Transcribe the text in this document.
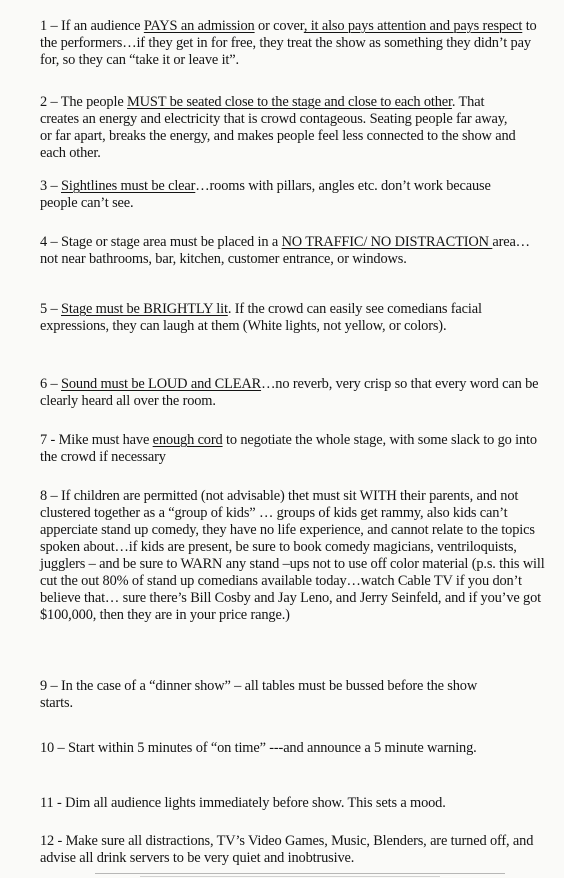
1 – If an audience PAYS an admission or cover, it also pays attention and pays respect to the performers…if they get in for free, they treat the show as something they didn’t pay for, so they can “take it or leave it”.

2 – The people MUST be seated close to the stage and close to each other. That creates an energy and electricity that is crowd contageous. Seating people far away, or far apart, breaks the energy, and makes people feel less connected to the show and each other.

3 – Sightlines must be clear…rooms with pillars, angles etc. don’t work because people can’t see.

4 – Stage or stage area must be placed in a NO TRAFFIC/ NO DISTRACTION area…not near bathrooms, bar, kitchen, customer entrance, or windows.

5 – Stage must be BRIGHTLY lit. If the crowd can easily see comedians facial expressions, they can laugh at them (White lights, not yellow, or colors).

6 – Sound must be LOUD and CLEAR…no reverb, very crisp so that every word can be clearly heard all over the room.

7 - Mike must have enough cord to negotiate the whole stage, with some slack to go into the crowd if necessary

8 – If children are permitted (not advisable) thet must sit WITH their parents, and not clustered together as a “group of kids” … groups of kids get rammy, also kids can’t apperciate stand up comedy, they have no life experience, and cannot relate to the topics spoken about…if kids are present, be sure to book comedy magicians, ventriloquists, jugglers – and be sure to WARN any stand –ups not to use off color material (p.s. this will cut the out 80% of stand up comedians available today…watch Cable TV if you don’t believe that… sure there’s Bill Cosby and Jay Leno, and Jerry Seinfeld, and if you’ve got $100,000, then they are in your price range.)

9 – In the case of a “dinner show” – all tables must be bussed before the show starts.

10 – Start within 5 minutes of “on time” ---and announce a 5 minute warning.

11 - Dim all audience lights immediately before show. This sets a mood.

12 - Make sure all distractions, TV’s Video Games, Music, Blenders, are turned off, and advise all drink servers to be very quiet and inobtrusive.
